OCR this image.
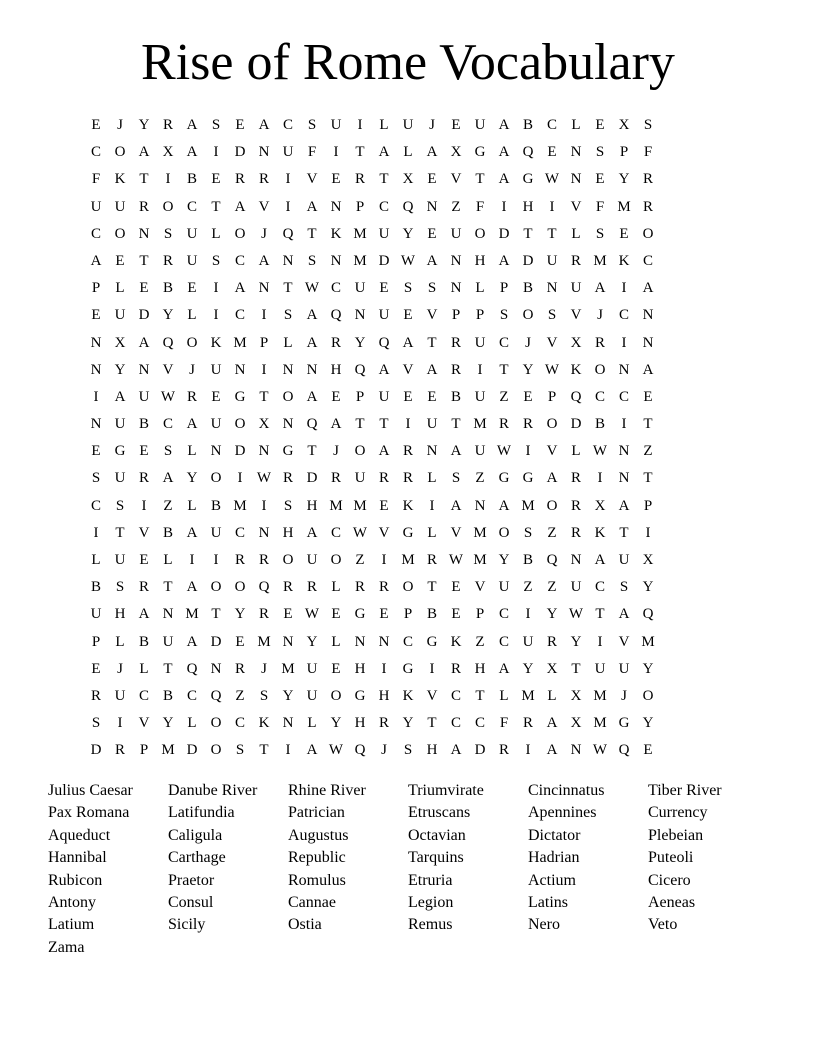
Rise of Rome Vocabulary
E	J	Y R A S	E A C S U	I	L U	J	E U A B C L E X S
C O A X A	I	D N U F	I	T A L A X G A Q E N S	P	F
F K T	I	B E R R	I	V E R T X E V T A G W N E Y R
U U R O C T A V	I	A N P C Q N Z	F	I	H	I	V F M R
C O N S U L O	J	Q T K M U Y E U O D T T L	S	E O
A E T R U S C A N S N M D W A N H A D U R M K C
P	L E B E	I	A N T W C U E	S	S N L	P B N U A	I	A
E U D Y L	I	C	I	S A Q N U E V P	P	S O S V	J	C N
N X A Q O K M P	L A R Y Q A T R U C	J	V X R	I	N
N Y N V	J	U N	I	N N H Q A V A R	I	T Y W K O N A
I	A U W R E G T O A E	P U E E B U Z E	P Q C C E
N U B C A U O X N Q A T T	I	U T M R R O D B	I	T
E G E	S	L N D N G T	J	O A R N A U W I	V L W N Z
S U R A Y O	I W R D R U R R L	S	Z G G A R	I	N T
C S	I	Z L B M I	S H M M E K	I	A N A M O R X A P
I	T V B A U C N H A C W V G L V M O S	Z R K T	I
L U E L	I	I	R R O U O Z	I M R W M Y B Q N A U X
B S R T A O O Q R R L R R O T E V U Z Z U C S Y
U H A N M T Y R E W E G E	P B E	P C	I	Y W T A Q
P	L B U A D E M N Y L N N C G K Z C U R Y	I	V M
E	J	L T Q N R	J M U E H	I	G	I	R H A Y X T U U Y
R U C B C Q Z	S Y U O G H K V C T L M L X M J	O
S	I	V Y L O C K N L Y H R Y T C C F R A X M G Y
D R P M D O S	T	I	A W Q	J	S H A D R	I	A N W Q E
Julius Caesar	Danube River	Rhine River	Triumvirate	Cincinnatus	Tiber River
Pax Romana	Latifundia	Patrician	Etruscans	Apennines	Currency
Aqueduct	Caligula	Augustus	Octavian	Dictator	Plebeian
Hannibal	Carthage	Republic	Tarquins	Hadrian	Puteoli
Rubicon	Praetor	Romulus	Etruria	Actium	Cicero
Antony	Consul	Cannae	Legion	Latins	Aeneas
Latium	Sicily	Ostia	Remus	Nero	Veto
Zama
